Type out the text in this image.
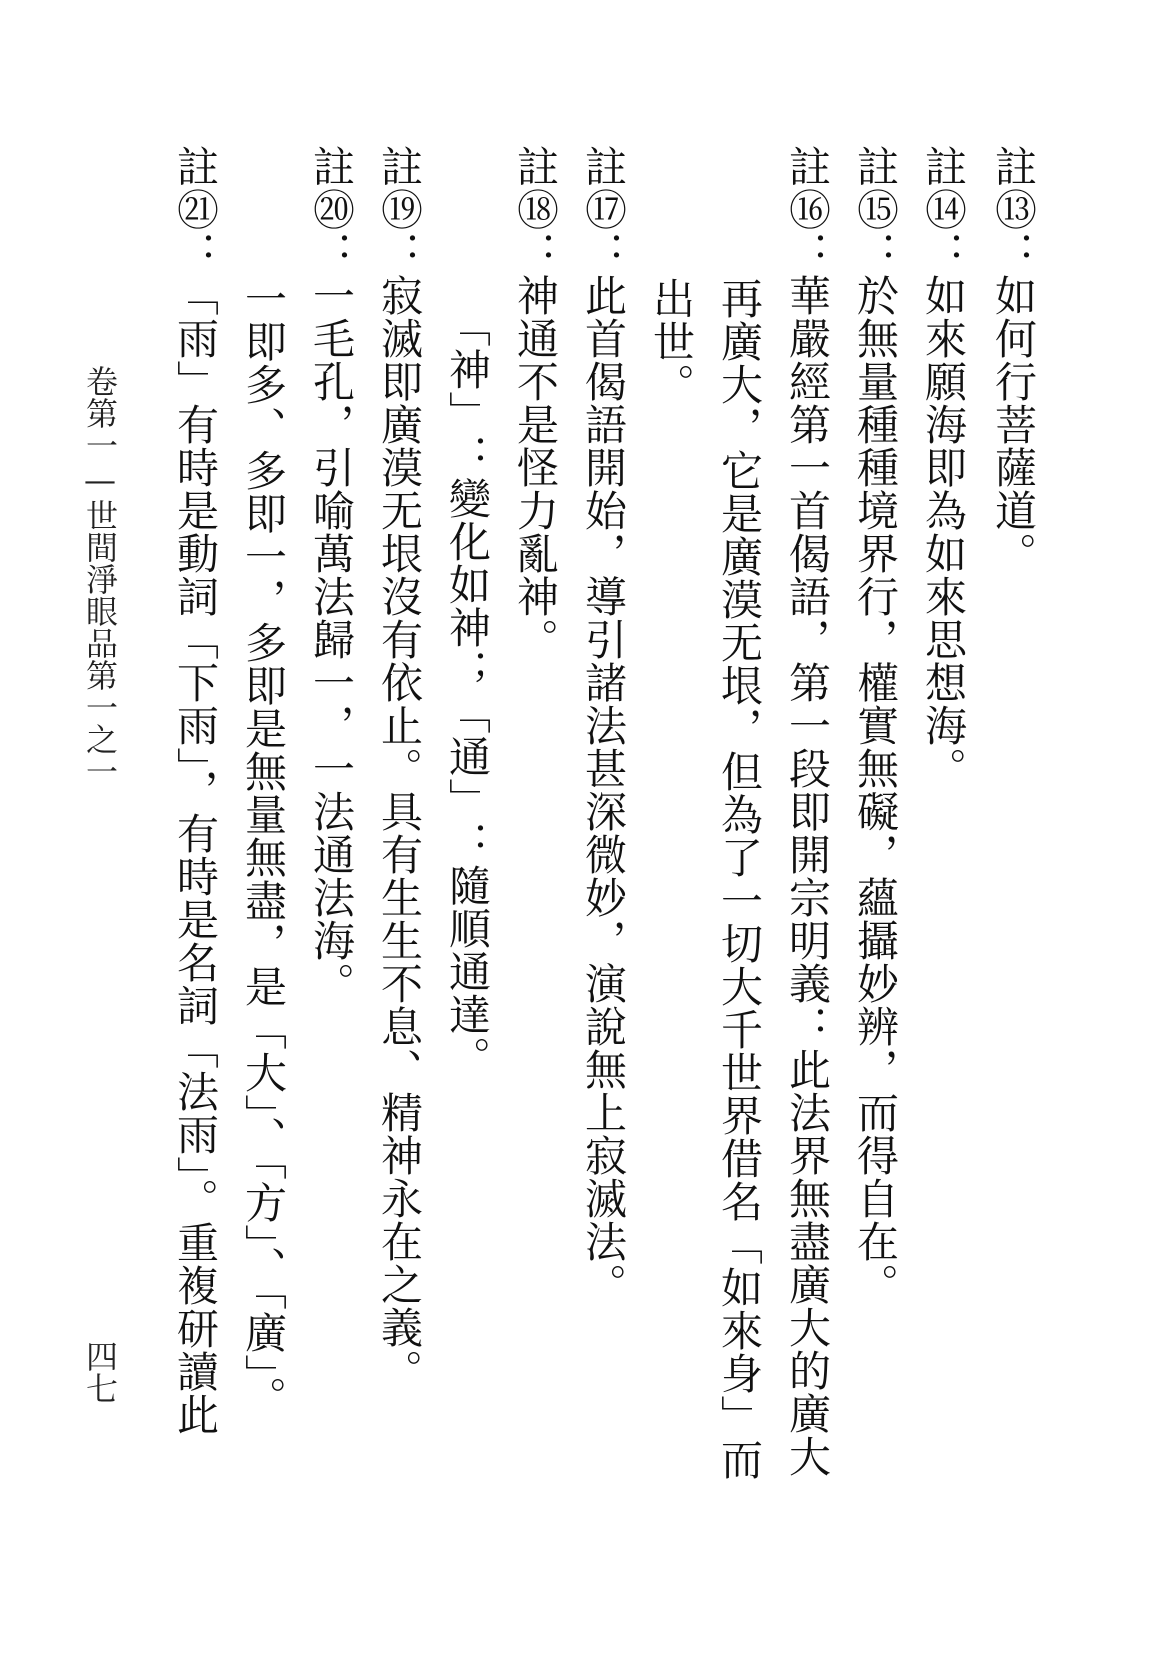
註⑬：如何行菩薩道。
註⑭：如來願海即為如來思想海。
註⑮：於無量種種境界行，權實無礙，蘊攝妙辨，而得自在。
註⑯：華嚴經第一首偈語，第一段即開宗明義：此法界無盡廣大的廣大
再廣大，它是廣漠无垠，但為了一切大千世界借名「如來身」而
出世。
註⑰：此首偈語開始，導引諸法甚深微妙，演說無上寂滅法。
註⑱：神通不是怪力亂神。
「神」：變化如神；「通」：隨順通達。
註⑲：寂滅即廣漠无垠沒有依止。具有生生不息、精神永在之義。
註⑳：一毛孔，引喻萬法歸一，一法通法海。
一即多、多即一，多即是無量無盡，是「大」、「方」、「廣」。
註㉑：「雨」有時是動詞「下雨」，有時是名詞「法雨」。重複研讀此
卷第一—世間淨眼品第一之一
四七
